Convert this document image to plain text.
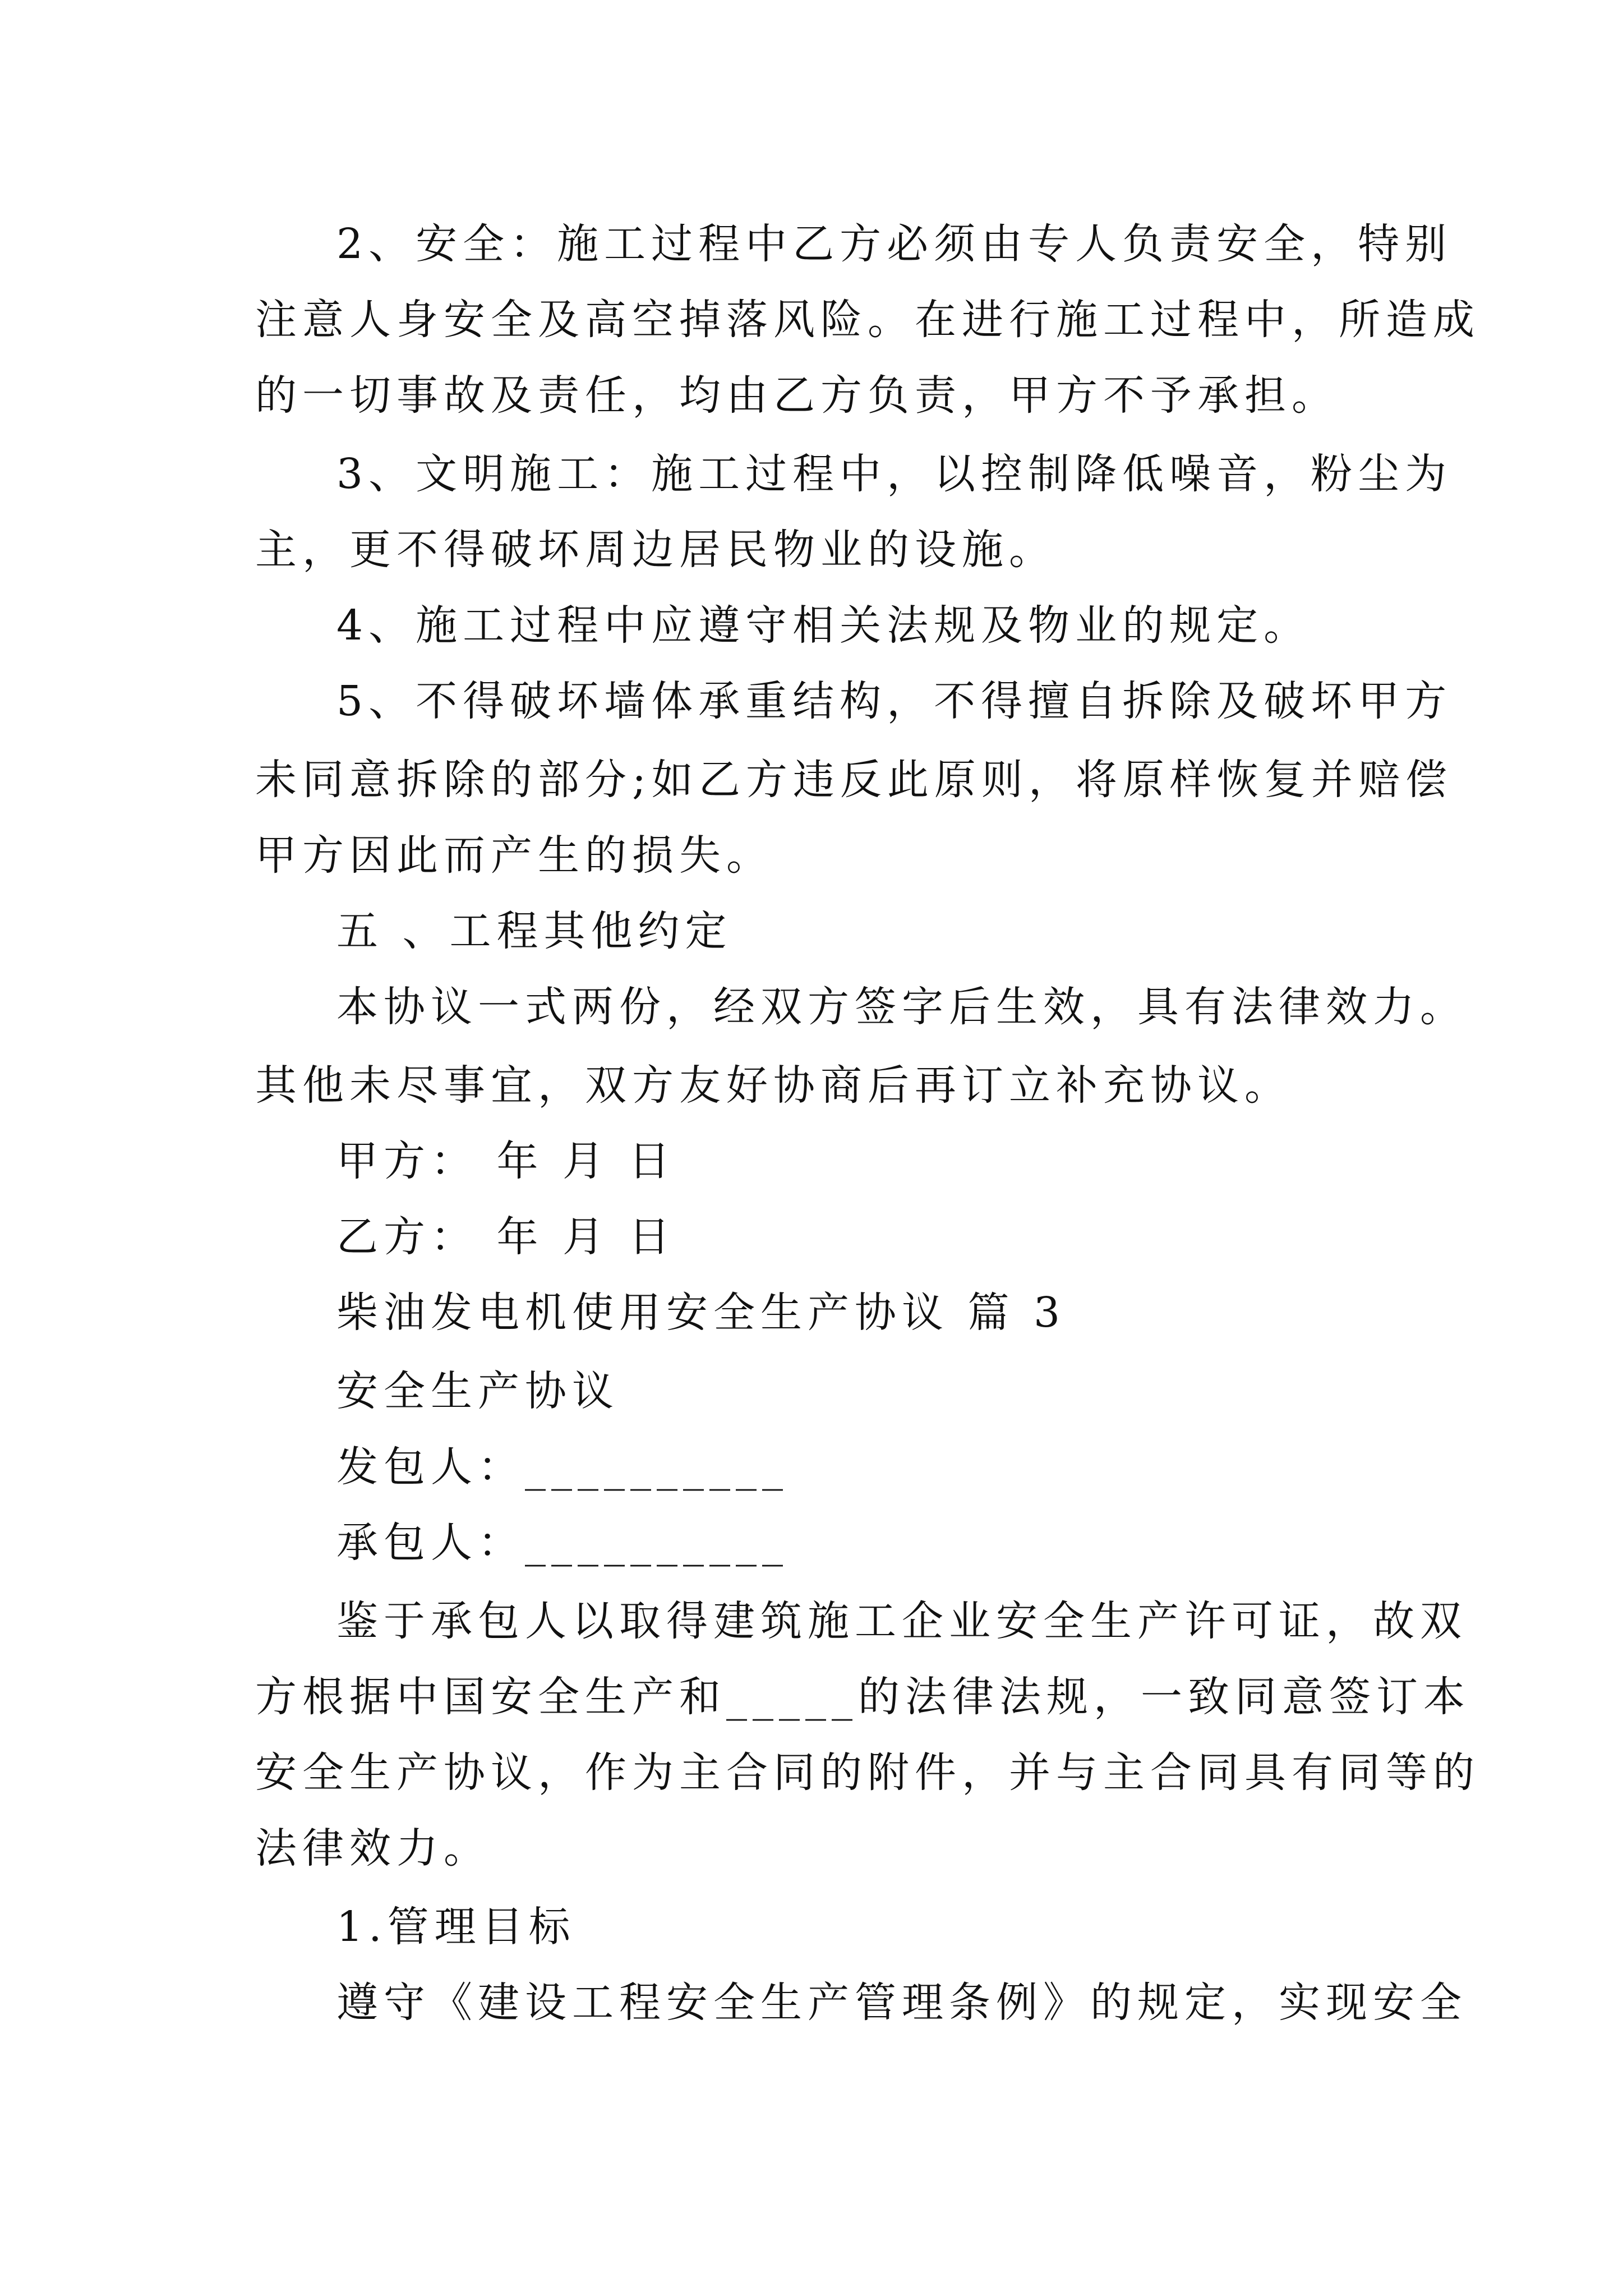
2、安全：施工过程中乙方必须由专人负责安全，特别
注意人身安全及高空掉落风险。在进行施工过程中，所造成
的一切事故及责任，均由乙方负责，甲方不予承担。
3、文明施工：施工过程中，以控制降低噪音，粉尘为
主，更不得破坏周边居民物业的设施。
4、施工过程中应遵守相关法规及物业的规定。
5、不得破坏墙体承重结构，不得擅自拆除及破坏甲方
未同意拆除的部分;如乙方违反此原则，将原样恢复并赔偿
甲方因此而产生的损失。
五 、工程其他约定
本协议一式两份，经双方签字后生效，具有法律效力。
其他未尽事宜，双方友好协商后再订立补充协议。
甲方： 年 月 日
乙方： 年 月 日
柴油发电机使用安全生产协议 篇 3
安全生产协议
发包人：__________
承包人：__________
鉴于承包人以取得建筑施工企业安全生产许可证，故双
方根据中国安全生产和_____的法律法规，一致同意签订本
安全生产协议，作为主合同的附件，并与主合同具有同等的
法律效力。
1.管理目标
遵守《建设工程安全生产管理条例》的规定，实现安全
